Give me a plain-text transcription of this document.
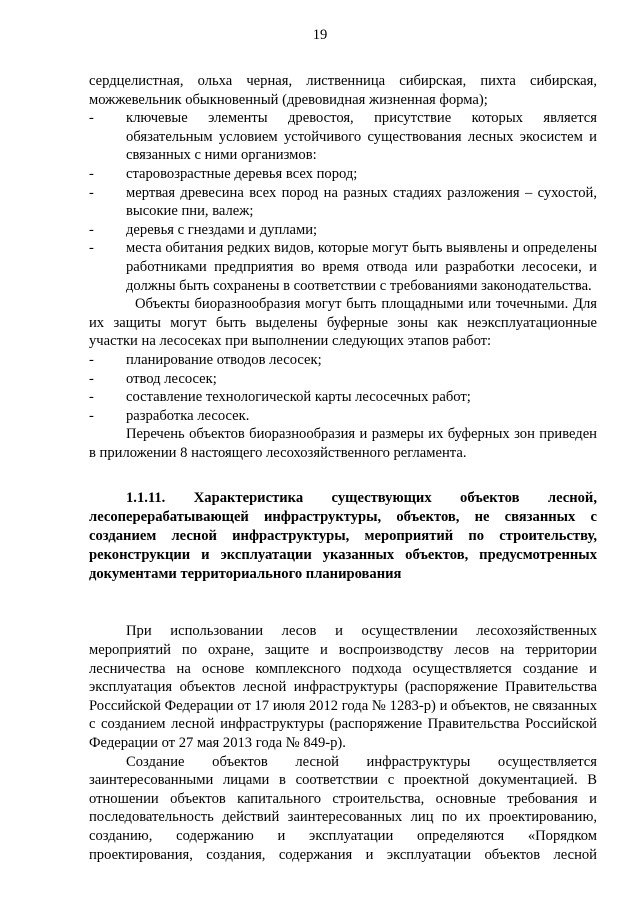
19

сердцелистная, ольха черная, лиственница сибирская, пихта сибирская,

можжевельник обыкновенный (древовидная жизненная форма);

-	ключевые элементы древостоя, присутствие которых является обязательным условием устойчивого существования лесных экосистем и связанных с ними организмов:
-	старовозрастные деревья всех пород;
-	мертвая древесина всех пород на разных стадиях разложения – сухостой, высокие пни, валеж;
-	деревья с гнездами и дуплами;
-	места обитания редких видов, которые могут быть выявлены и определены работниками предприятия во время отвода или разработки лесосеки, и должны быть сохранены в соответствии с требованиями законодательства.

Объекты биоразнообразия могут быть площадными или точечными. Для их защиты могут быть выделены буферные зоны как неэксплуатационные участки на лесосеках при выполнении следующих этапов работ:

-	планирование отводов лесосек;
-	отвод лесосек;
-	составление технологической карты лесосечных работ;
-	разработка лесосек.

Перечень объектов биоразнообразия и размеры их буферных зон приведен в приложении 8 настоящего лесохозяйственного регламента.

1.1.11. Характеристика существующих объектов лесной, лесоперерабатывающей инфраструктуры, объектов, не связанных с созданием лесной инфраструктуры, мероприятий по строительству, реконструкции и эксплуатации указанных объектов, предусмотренных документами территориального планирования

При использовании лесов и осуществлении лесохозяйственных мероприятий по охране, защите и воспроизводству лесов на территории лесничества на основе комплексного подхода осуществляется создание и эксплуатация объектов лесной инфраструктуры (распоряжение Правительства Российской Федерации от 17 июля 2012 года № 1283-р) и объектов, не связанных с созданием лесной инфраструктуры (распоряжение Правительства Российской Федерации от 27 мая 2013 года № 849-р).

Создание объектов лесной инфраструктуры осуществляется заинтересованными лицами в соответствии с проектной документацией. В отношении объектов капитального строительства, основные требования и последовательность действий заинтересованных лиц по их проектированию, созданию, содержанию и эксплуатации определяются «Порядком проектирования, создания, содержания и эксплуатации объектов лесной
